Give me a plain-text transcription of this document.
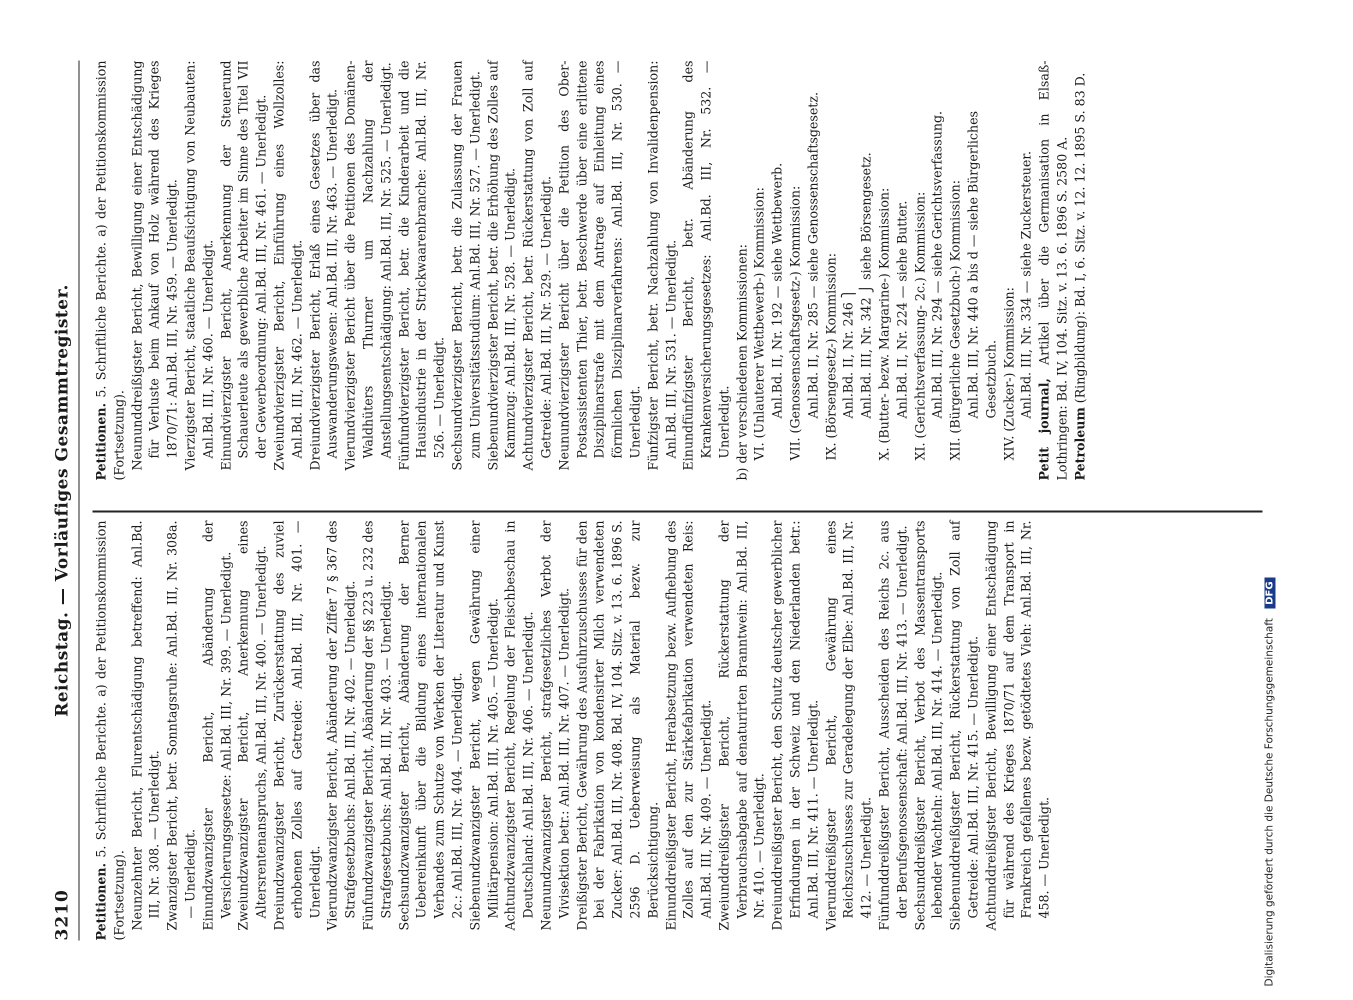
3210
Reichstag. — Vorläufiges Gesammtregister.

Petitionen. 5. Schriftliche Berichte. a) der Petitionskommission (Fortsetzung). Neunzehnter Bericht, Flurentschädigung betreffend: Anl.Bd. III, Nr. 308. — Unerledigt. Zwanzigster Bericht, betr. Sonntagsruhe: Anl.Bd. III, Nr. 308a. — Unerledigt. Einundzwanzigster Bericht, Abänderung der Versicherungsgesetze: Anl.Bd. III, Nr. 399. — Unerledigt. Zweiundzwanzigster Bericht, Anerkennung eines Altersrentenanspruchs, Anl.Bd. III, Nr. 400. — Unerledigt. Dreiundzwanzigster Bericht, Zurückerstattung des zuviel erhobenen Zolles auf Getreide: Anl.Bd. III, Nr. 401. — Unerledigt. Vierundzwanzigster Bericht, Abänderung der Ziffer 7 § 367 des Strafgesetzbuchs: Anl.Bd. III, Nr. 402. — Unerledigt. Fünfundzwanzigster Bericht, Abänderung der §§ 223 u. 232 des Strafgesetzbuchs: Anl.Bd. III, Nr. 403. — Unerledigt. Sechsundzwanzigster Bericht, Abänderung der Berner Uebereinkunft über die Bildung eines internationalen Verbandes zum Schutze von Werken der Literatur und Kunst 2c.: Anl.Bd. III, Nr. 404. — Unerledigt. Siebenundzwanzigster Bericht, wegen Gewährung einer Militärpension: Anl.Bd. III, Nr. 405. — Unerledigt. Achtundzwanzigster Bericht, Regelung der Fleischbeschau in Deutschland: Anl.Bd. III, Nr. 406. — Unerledigt. Neunundzwanzigster Bericht, strafgesetzliches Verbot der Vivisektion betr.: Anl.Bd. III, Nr. 407. — Unerledigt. Dreißigster Bericht, Gewährung des Ausfuhrzuschusses für den bei der Fabrikation von kondensirter Milch verwendeten Zucker: Anl.Bd. III, Nr. 408. Bd. IV, 104. Sitz. v. 13. 6. 1896 S. 2596 D. Ueberweisung als Material bezw. zur Berücksichtigung. Einunddreißigster Bericht, Herabsetzung bezw. Aufhebung des Zolles auf den zur Stärkefabrikation verwendeten Reis: Anl.Bd. III, Nr. 409. — Unerledigt. Zweiunddreißigster Bericht, Rückerstattung der Verbrauchsabgabe auf denaturirten Branntwein: Anl.Bd. III, Nr. 410. — Unerledigt. Dreiunddreißigster Bericht, den Schutz deutscher gewerblicher Erfindungen in der Schweiz und den Niederlanden betr.: Anl.Bd. III, Nr. 411. — Unerledigt. Vierunddreißigster Bericht, Gewährung eines Reichszuschusses zur Geradelegung der Elbe: Anl.Bd. III, Nr. 412. — Unerledigt. Fünfunddreißigster Bericht, Ausscheiden des Reichs 2c. aus der Berufsgenossenschaft: Anl.Bd. III, Nr. 413. — Unerledigt. Sechsunddreißigster Bericht, Verbot des Massentransports lebender Wachteln: Anl.Bd. III, Nr. 414. — Unerledigt. Siebenunddreißigster Bericht, Rückerstattung von Zoll auf Getreide: Anl.Bd. III, Nr. 415. — Unerledigt. Achtunddreißigster Bericht, Bewilligung einer Entschädigung für während des Krieges 1870/71 auf dem Transport in Frankreich gefallenes bezw. getödtetes Vieh: Anl.Bd. III, Nr. 458. — Unerledigt.

Petitionen. 5. Schriftliche Berichte. a) der Petitionskommission (Fortsetzung). Neununddreißigster Bericht, Bewilligung einer Entschädigung für Verluste beim Ankauf von Holz während des Krieges 1870/71: Anl.Bd. III, Nr. 459. — Unerledigt. Vierzigster Bericht, staatliche Beaufsichtigung von Neubauten: Anl.Bd. III, Nr. 460. — Unerledigt. Einundvierzigster Bericht, Anerkennung der Steuerund Schauerleute als gewerbliche Arbeiter im Sinne des Titel VII der Gewerbeordnung: Anl.Bd. III, Nr. 461. — Unerledigt. Zweiundvierzigster Bericht, Einführung eines Wollzolles: Anl.Bd. III, Nr. 462. — Unerledigt. Dreiundvierzigster Bericht, Erlaß eines Gesetzes über das Auswanderungswesen: Anl.Bd. III, Nr. 463. — Unerledigt. Vierundvierzigster Bericht über die Petitionen des Domänen-Waldhüters Thurner um Nachzahlung der Anstellungsentschädigung: Anl.Bd. III, Nr. 525. — Unerledigt. Fünfundvierzigster Bericht, betr. die Kinderarbeit und die Hausindustrie in der Strickwaarenbranche: Anl.Bd. III, Nr. 526. — Unerledigt. Sechsundvierzigster Bericht, betr. die Zulassung der Frauen zum Universitätsstudium: Anl.Bd. III, Nr. 527. — Unerledigt. Siebenundvierzigster Bericht, betr. die Erhöhung des Zolles auf Kammzug: Anl.Bd. III, Nr. 528. — Unerledigt. Achtundvierzigster Bericht, betr. Rückerstattung von Zoll auf Getreide: Anl.Bd. III, Nr. 529. — Unerledigt. Neunundvierzigster Bericht über die Petition des Ober-Postassistenten Thier, betr. Beschwerde über eine erlittene Disziplinarstrafe mit dem Antrage auf Einleitung eines förmlichen Disziplinarverfahrens: Anl.Bd. III, Nr. 530. — Unerledigt. Fünfzigster Bericht, betr. Nachzahlung von Invalidenpension: Anl.Bd. III, Nr. 531. — Unerledigt. Einundfünfzigster Bericht, betr. Abänderung des Krankenversicherungsgesetzes: Anl.Bd. III, Nr. 532. — Unerledigt. b) der verschiedenen Kommissionen: VI. (Unlauterer Wettbewerb-) Kommission: Anl.Bd. II, Nr. 192 — siehe Wettbewerb. VII. (Genossenschaftsgesetz-) Kommission: Anl.Bd. II, Nr. 285 — siehe Genossenschaftsgesetz. IX. (Börsengesetz-) Kommission: Anl.Bd. II, Nr. 246 ⎫ Anl.Bd. III, Nr. 342 ⎭ siehe Börsengesetz. X. (Butter- bezw. Margarine-) Kommission: Anl.Bd. II, Nr. 224 — siehe Butter. XI. (Gerichtsverfassung- 2c.) Kommission: Anl.Bd. III, Nr. 294 — siehe Gerichtsverfassung. XII. (Bürgerliche Gesetzbuch-) Kommission: Anl.Bd. III, Nr. 440 a bis d — siehe Bürgerliches Gesetzbuch. XIV. (Zucker-) Kommission: Anl.Bd. III, Nr. 334 — siehe Zuckersteuer.

Petit journal, Artikel über die Germanisation in Elsaß-Lothringen: Bd. IV, 104. Sitz. v. 13. 6. 1896 S. 2580 A. Petroleum (Ringbildung): Bd. I, 6. Sitz. v. 12. 12. 1895 S. 83 D.

Digitalisierung gefördert durch die Deutsche Forschungsgemeinschaft DFG
